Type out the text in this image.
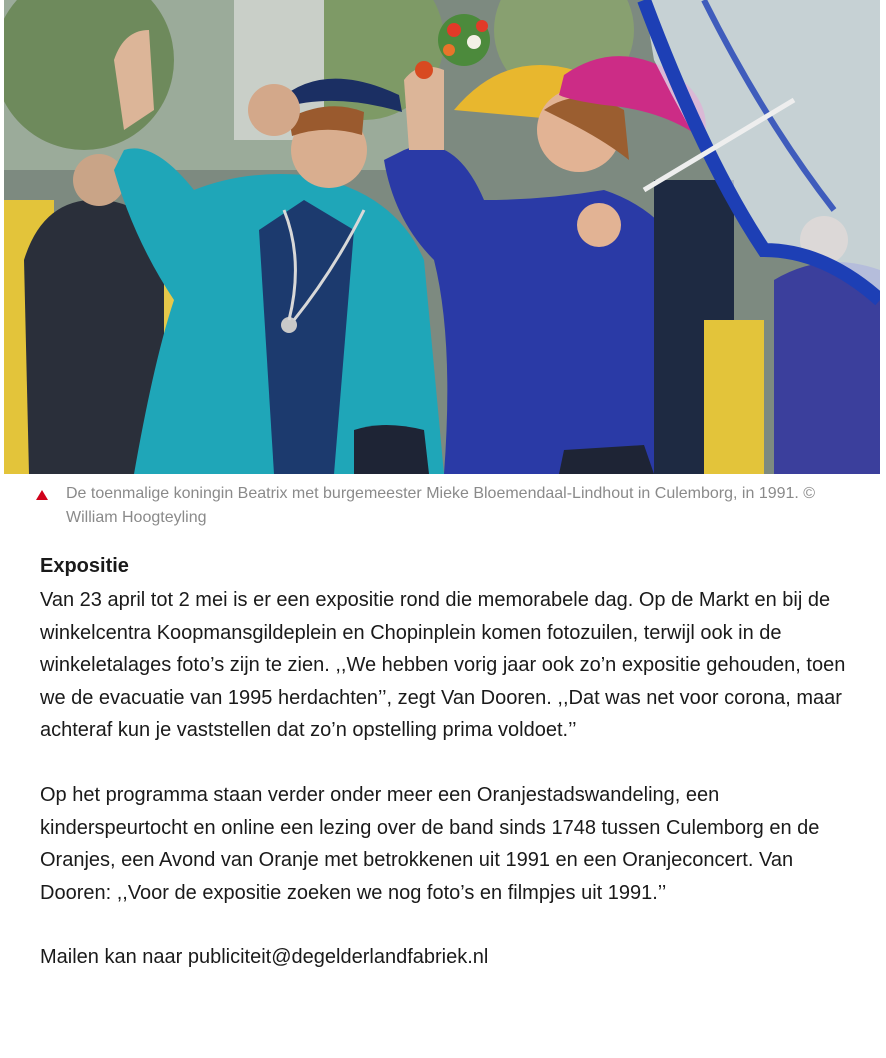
De toenmalige koningin Beatrix met burgemeester Mieke Bloemendaal-Lindhout in Culemborg, in 1991. © William Hoogteyling
Expositie

Van 23 april tot 2 mei is er een expositie rond die memorabele dag. Op de Markt en bij de winkelcentra Koopmansgildeplein en Chopinplein komen fotozuilen, terwijl ook in de winkeletalages foto’s zijn te zien. ,,We hebben vorig jaar ook zo’n expositie gehouden, toen we de evacuatie van 1995 herdachten’’, zegt Van Dooren. ,,Dat was net voor corona, maar achteraf kun je vaststellen dat zo’n opstelling prima voldoet.’’

Op het programma staan verder onder meer een Oranjestadswandeling, een kinderspeurtocht en online een lezing over de band sinds 1748 tussen Culemborg en de Oranjes, een Avond van Oranje met betrokkenen uit 1991 en een Oranjeconcert. Van Dooren: ,,Voor de expositie zoeken we nog foto’s en filmpjes uit 1991.’’

Mailen kan naar publiciteit@degelderlandfabriek.nl
